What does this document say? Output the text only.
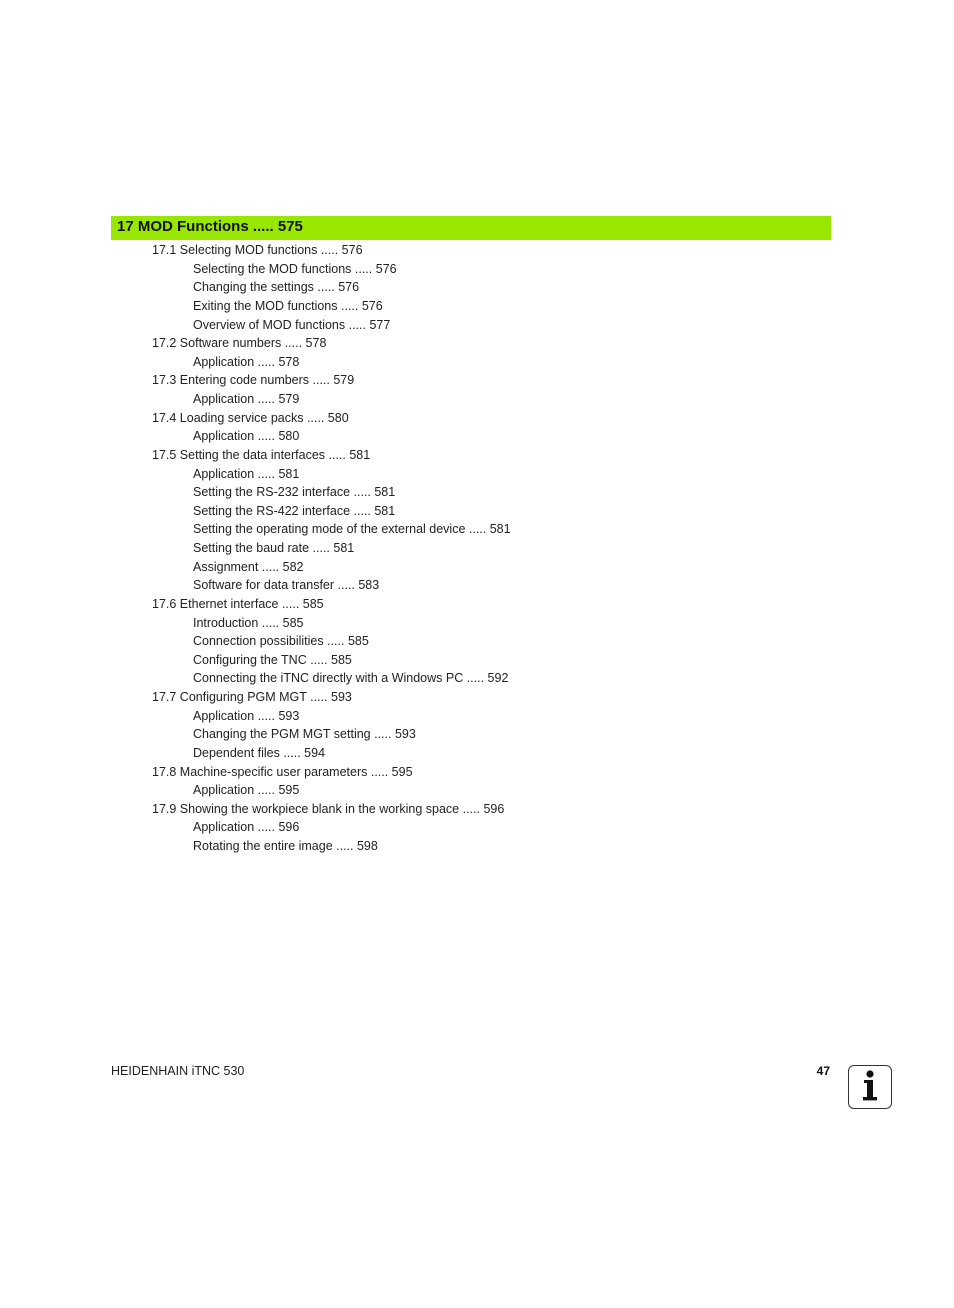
17 MOD Functions ..... 575
17.1 Selecting MOD functions ..... 576
Selecting the MOD functions ..... 576
Changing the settings ..... 576
Exiting the MOD functions ..... 576
Overview of MOD functions ..... 577
17.2 Software numbers ..... 578
Application ..... 578
17.3 Entering code numbers ..... 579
Application ..... 579
17.4 Loading service packs ..... 580
Application ..... 580
17.5 Setting the data interfaces ..... 581
Application ..... 581
Setting the RS-232 interface ..... 581
Setting the RS-422 interface ..... 581
Setting the operating mode of the external device ..... 581
Setting the baud rate ..... 581
Assignment ..... 582
Software for data transfer ..... 583
17.6 Ethernet interface ..... 585
Introduction ..... 585
Connection possibilities ..... 585
Configuring the TNC ..... 585
Connecting the iTNC directly with a Windows PC ..... 592
17.7 Configuring PGM MGT ..... 593
Application ..... 593
Changing the PGM MGT setting ..... 593
Dependent files ..... 594
17.8 Machine-specific user parameters ..... 595
Application ..... 595
17.9 Showing the workpiece blank in the working space ..... 596
Application ..... 596
Rotating the entire image ..... 598
HEIDENHAIN iTNC 530	47
